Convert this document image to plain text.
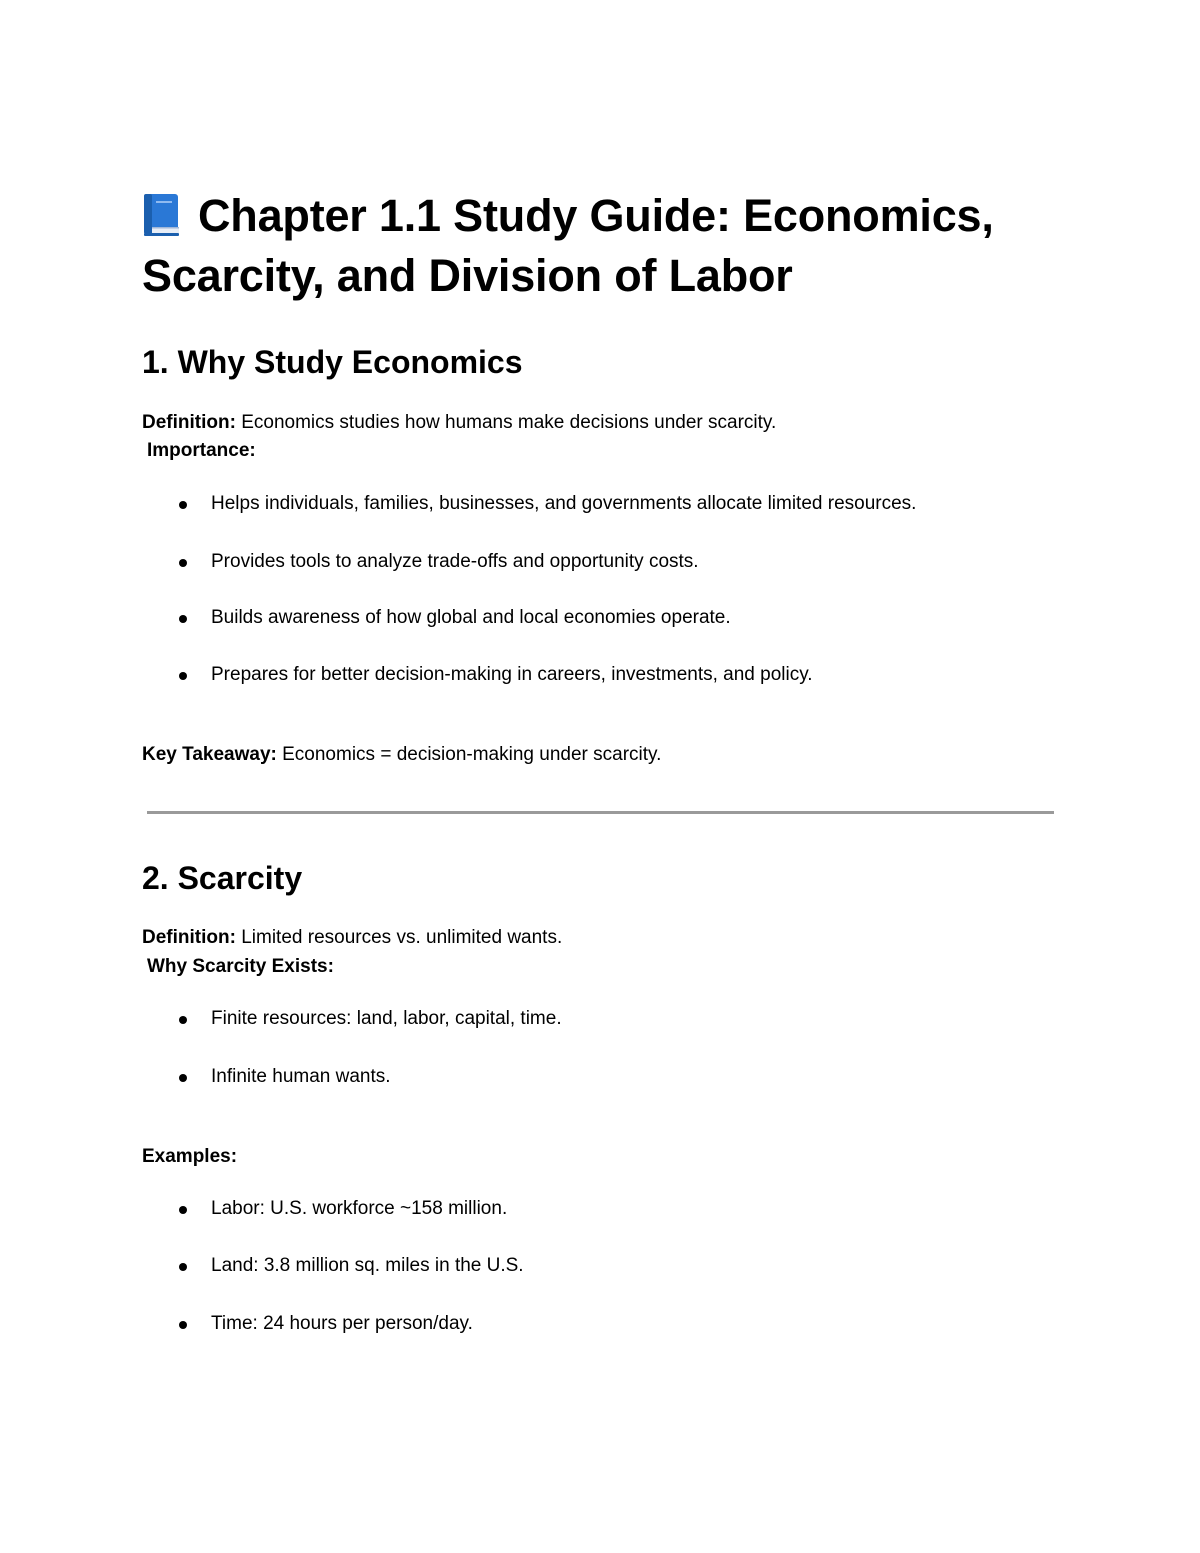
Chapter 1.1 Study Guide: Economics, Scarcity, and Division of Labor
1. Why Study Economics

Definition: Economics studies how humans make decisions under scarcity.

Importance:

Helps individuals, families, businesses, and governments allocate limited resources.
Provides tools to analyze trade-offs and opportunity costs.
Builds awareness of how global and local economies operate.
Prepares for better decision-making in careers, investments, and policy.

Key Takeaway: Economics = decision-making under scarcity.

2. Scarcity

Definition: Limited resources vs. unlimited wants.

Why Scarcity Exists:

Finite resources: land, labor, capital, time.
Infinite human wants.

Examples:

Labor: U.S. workforce ~158 million.
Land: 3.8 million sq. miles in the U.S.
Time: 24 hours per person/day.
